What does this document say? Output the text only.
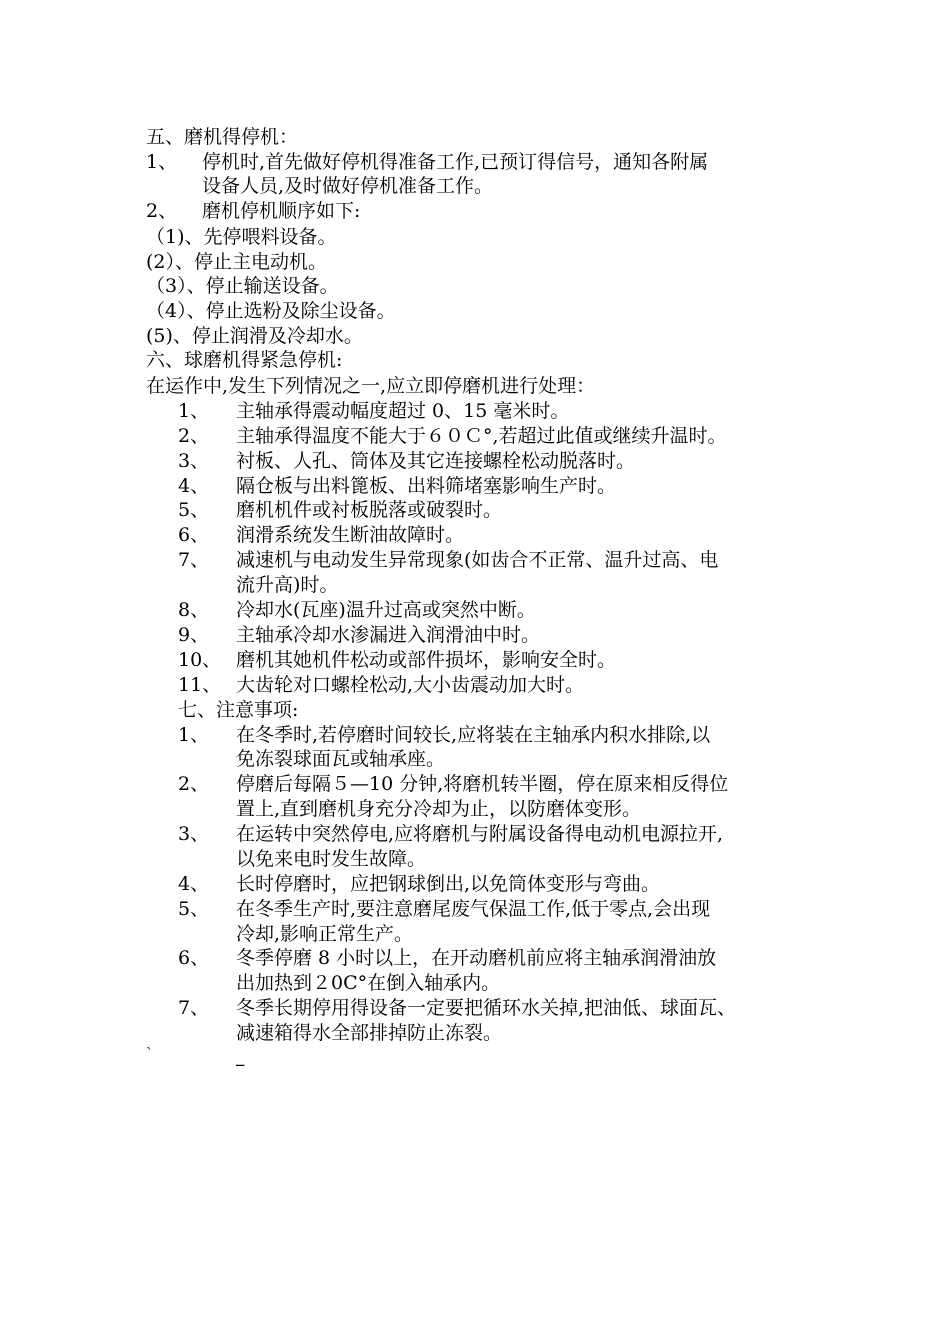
五、磨机得停机：
1、 停机时,首先做好停机得准备工作,已预订得信号，通知各附属
设备人员,及时做好停机准备工作。
2、 磨机停机顺序如下:
（1)、先停喂料设备。
(2）、停止主电动机。
（3）、停止输送设备。
（4）、停止选粉及除尘设备。
(5)、停止润滑及冷却水。
六、球磨机得紧急停机:
在运作中,发生下列情况之一,应立即停磨机进行处理：
1、 主轴承得震动幅度超过 0、15 毫米时。
2、 主轴承得温度不能大于６０Ｃ°,若超过此值或继续升温时。
3、 衬板、人孔、筒体及其它连接螺栓松动脱落时。
4、 隔仓板与出料篦板、出料筛堵塞影响生产时。
5、 磨机机件或衬板脱落或破裂时。
6、 润滑系统发生断油故障时。
7、 减速机与电动发生异常现象(如齿合不正常、温升过高、电
流升高)时。
8、 冷却水(瓦座)温升过高或突然中断。
9、 主轴承冷却水渗漏进入润滑油中时。
10、 磨机其她机件松动或部件损坏，影响安全时。
11、 大齿轮对口螺栓松动,大小齿震动加大时。
七、注意事项:
1、 在冬季时,若停磨时间较长,应将装在主轴承内积水排除,以
免冻裂球面瓦或轴承座。
2、 停磨后每隔５—10 分钟,将磨机转半圈，停在原来相反得位
置上,直到磨机身充分冷却为止，以防磨体变形。
3、 在运转中突然停电,应将磨机与附属设备得电动机电源拉开,
以免来电时发生故障。
4、 长时停磨时，应把钢球倒出,以免筒体变形与弯曲。
5、 在冬季生产时,要注意磨尾废气保温工作,低于零点,会出现
冷却,影响正常生产。
6、 冬季停磨 8 小时以上，在开动磨机前应将主轴承润滑油放
出加热到２0C°在倒入轴承内。
7、 冬季长期停用得设备一定要把循环水关掉,把油低、球面瓦、
减速箱得水全部排掉防止冻裂。
`	ــ
